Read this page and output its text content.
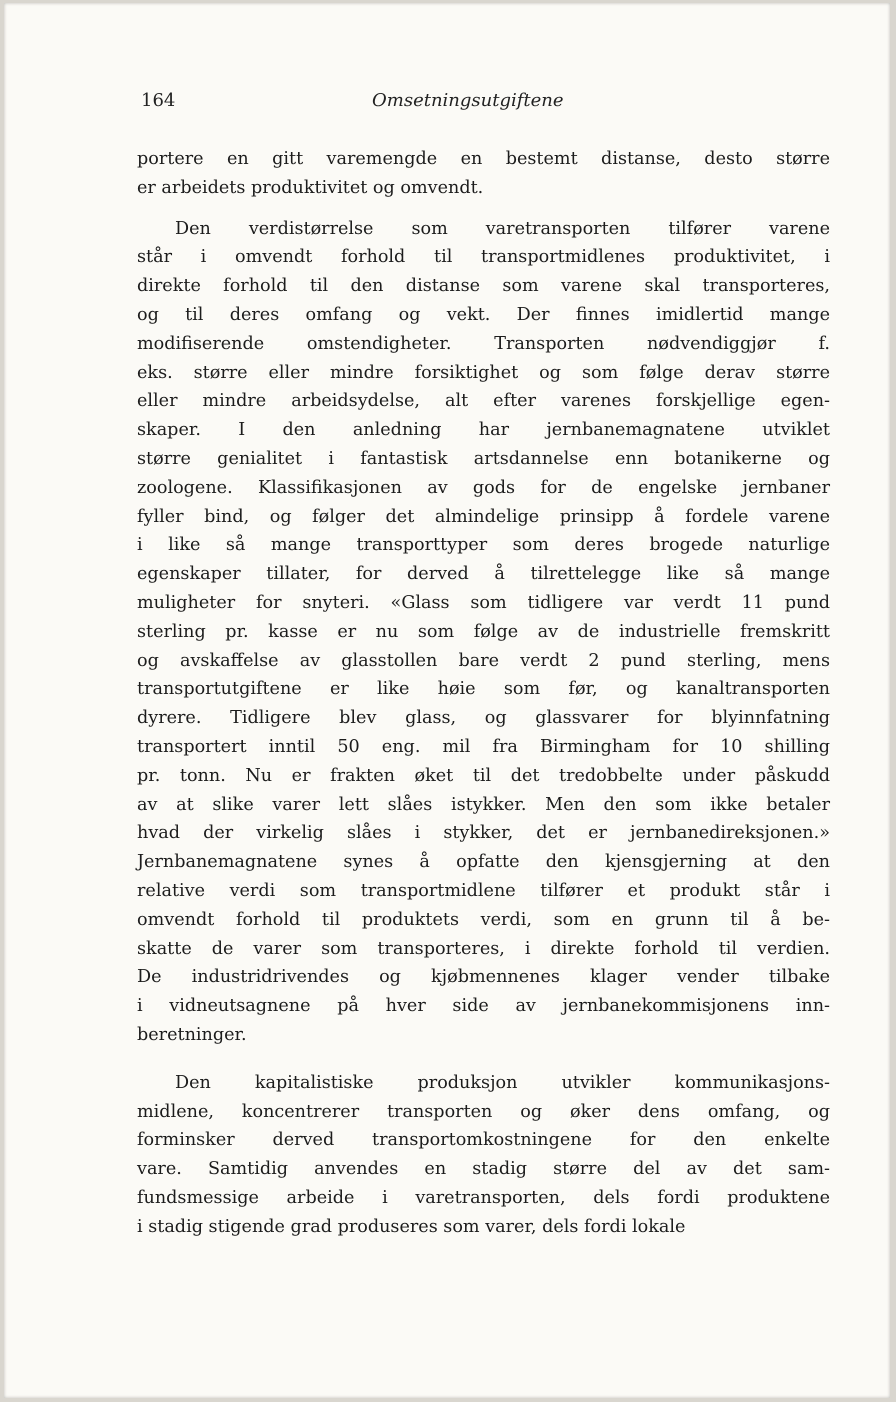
164	Omsetningsutgiftene
portere en gitt varemengde en bestemt distanse, desto større
er arbeidets produktivitet og omvendt.
Den verdistørrelse som varetransporten tilfører varene
står i omvendt forhold til transportmidlenes produktivitet, i
direkte forhold til den distanse som varene skal transporteres,
og til deres omfang og vekt. Der finnes imidlertid mange
modifiserende omstendigheter. Transporten nødvendiggjør f.
eks. større eller mindre forsiktighet og som følge derav større
eller mindre arbeidsydelse, alt efter varenes forskjellige egen-
skaper. I den anledning har jernbanemagnatene utviklet
større genialitet i fantastisk artsdannelse enn botanikerne og
zoologene. Klassifikasjonen av gods for de engelske jernbaner
fyller bind, og følger det almindelige prinsipp å fordele varene
i like så mange transporttyper som deres brogede naturlige
egenskaper tillater, for derved å tilrettelegge like så mange
muligheter for snyteri. «Glass som tidligere var verdt 11 pund
sterling pr. kasse er nu som følge av de industrielle fremskritt
og avskaffelse av glasstollen bare verdt 2 pund sterling, mens
transportutgiftene er like høie som før, og kanaltransporten
dyrere. Tidligere blev glass, og glassvarer for blyinnfatning
transportert inntil 50 eng. mil fra Birmingham for 10 shilling
pr. tonn. Nu er frakten øket til det tredobbelte under påskudd
av at slike varer lett slåes istykker. Men den som ikke betaler
hvad der virkelig slåes i stykker, det er jernbanedireksjonen.»
Jernbanemagnatene synes å opfatte den kjensgjerning at den
relative verdi som transportmidlene tilfører et produkt står i
omvendt forhold til produktets verdi, som en grunn til å be-
skatte de varer som transporteres, i direkte forhold til verdien.
De industridrivendes og kjøbmennenes klager vender tilbake
i vidneutsagnene på hver side av jernbanekommisjonens inn-
beretninger.
Den kapitalistiske produksjon utvikler kommunikasjons-
midlene, koncentrerer transporten og øker dens omfang, og
forminsker derved transportomkostningene for den enkelte
vare. Samtidig anvendes en stadig større del av det sam-
fundsmessige arbeide i varetransporten, dels fordi produktene
i stadig stigende grad produseres som varer, dels fordi lokale
